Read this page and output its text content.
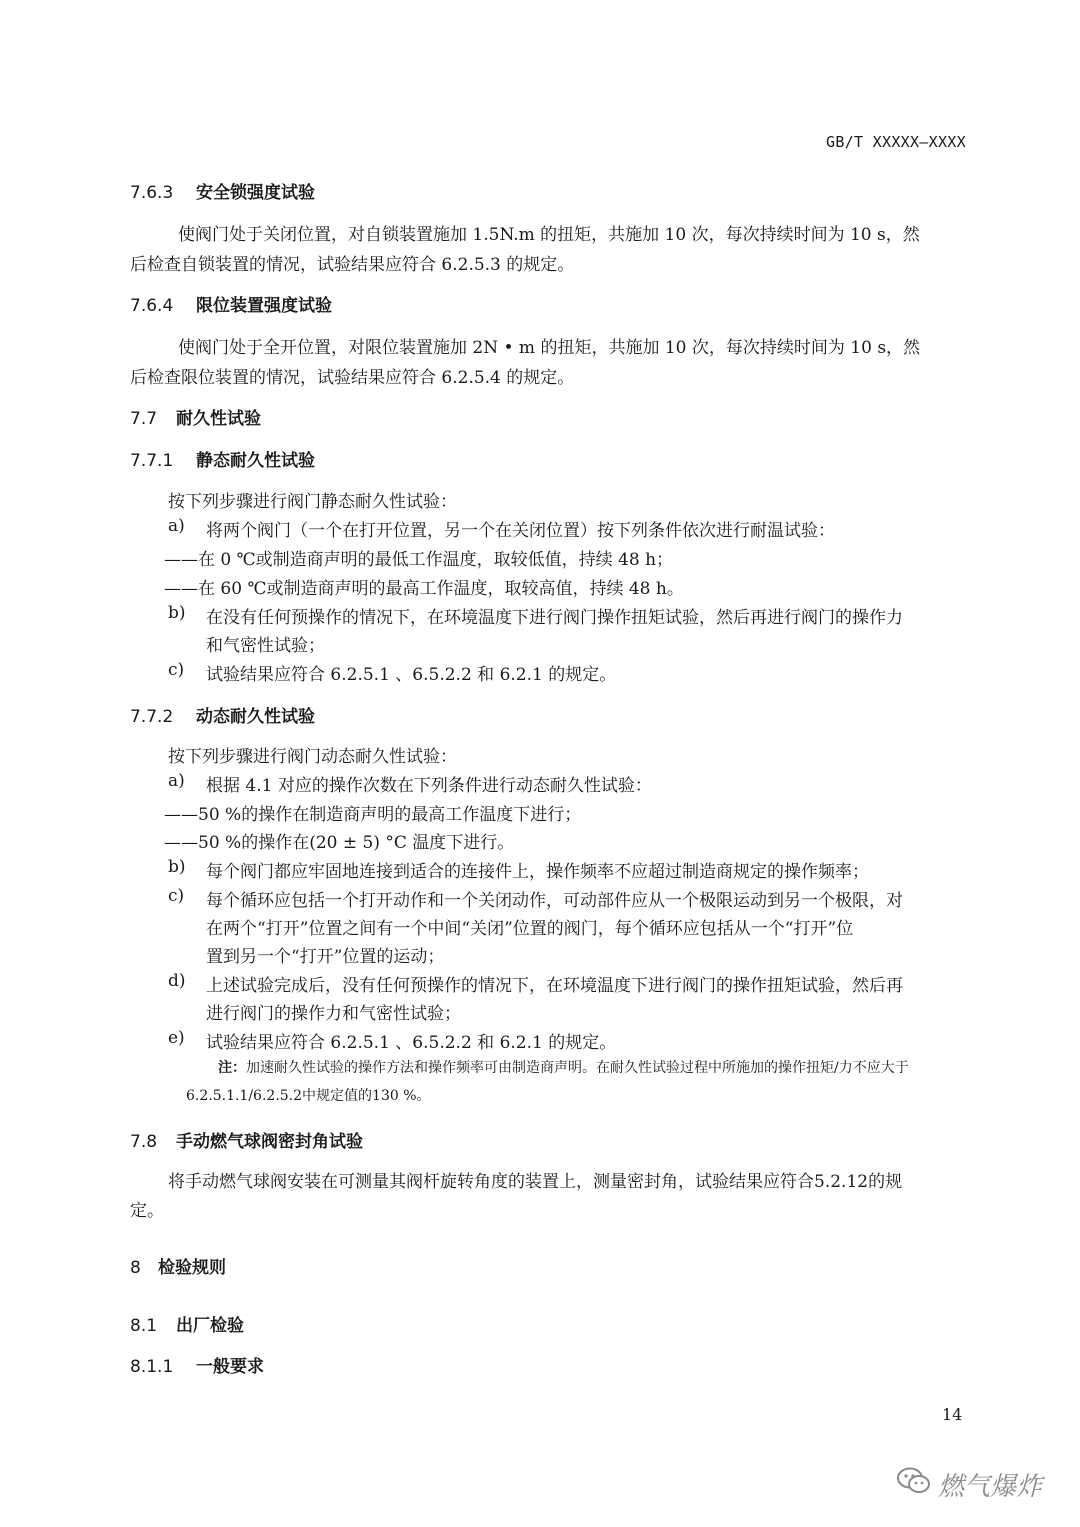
GB/T XXXXX—XXXX
7.6.3 安全锁强度试验
使阀门处于关闭位置，对自锁装置施加 1.5N.m 的扭矩，共施加 10 次，每次持续时间为 10 s，然
后检查自锁装置的情况，试验结果应符合 6.2.5.3 的规定。
7.6.4 限位装置强度试验
使阀门处于全开位置，对限位装置施加 2N • m 的扭矩，共施加 10 次，每次持续时间为 10 s，然
后检查限位装置的情况，试验结果应符合 6.2.5.4 的规定。
7.7 耐久性试验
7.7.1 静态耐久性试验
按下列步骤进行阀门静态耐久性试验：
a) 将两个阀门（一个在打开位置，另一个在关闭位置）按下列条件依次进行耐温试验：
——在 0 ℃或制造商声明的最低工作温度，取较低值，持续 48 h；
——在 60 ℃或制造商声明的最高工作温度，取较高值，持续 48 h。
b) 在没有任何预操作的情况下，在环境温度下进行阀门操作扭矩试验，然后再进行阀门的操作力
和气密性试验；
c) 试验结果应符合 6.2.5.1 、6.5.2.2 和 6.2.1 的规定。
7.7.2 动态耐久性试验
按下列步骤进行阀门动态耐久性试验：
a) 根据 4.1 对应的操作次数在下列条件进行动态耐久性试验：
——50 %的操作在制造商声明的最高工作温度下进行；
——50 %的操作在(20 ± 5) °C 温度下进行。
b) 每个阀门都应牢固地连接到适合的连接件上，操作频率不应超过制造商规定的操作频率；
c) 每个循环应包括一个打开动作和一个关闭动作，可动部件应从一个极限运动到另一个极限，对
在两个“打开”位置之间有一个中间“关闭”位置的阀门，每个循环应包括从一个“打开”位
置到另一个“打开”位置的运动；
d) 上述试验完成后，没有任何预操作的情况下，在环境温度下进行阀门的操作扭矩试验，然后再
进行阀门的操作力和气密性试验；
e) 试验结果应符合 6.2.5.1 、6.5.2.2 和 6.2.1 的规定。
注：加速耐久性试验的操作方法和操作频率可由制造商声明。在耐久性试验过程中所施加的操作扭矩/力不应大于
6.2.5.1.1/6.2.5.2中规定值的130 %。
7.8 手动燃气球阀密封角试验
将手动燃气球阀安装在可测量其阀杆旋转角度的装置上，测量密封角，试验结果应符合5.2.12的规
定。
8 检验规则
8.1 出厂检验
8.1.1 一般要求
14
燃气爆炸
